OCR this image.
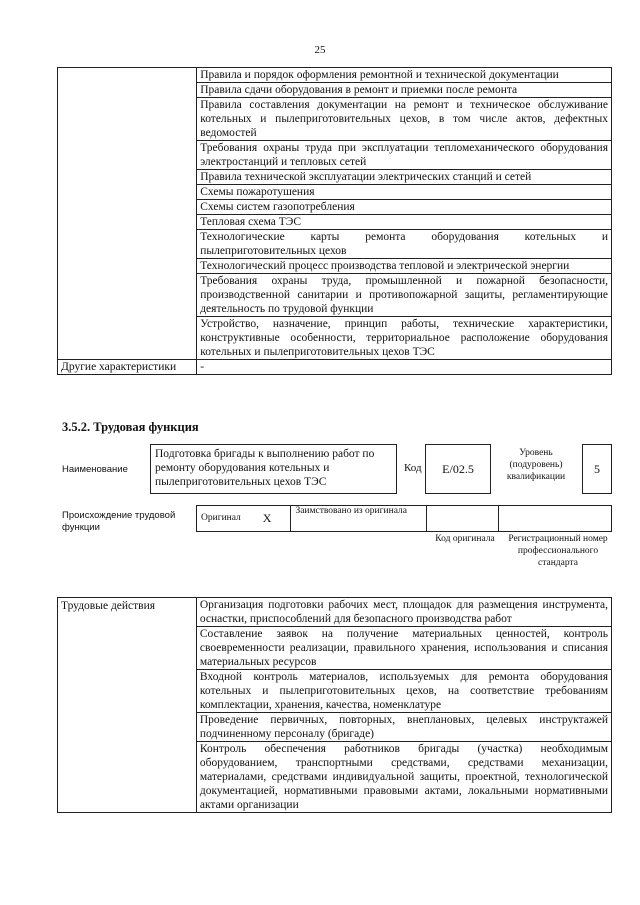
25
	Правила и порядок оформления ремонтной и технической документации
	Правила сдачи оборудования в ремонт и приемки после ремонта
	Правила составления документации на ремонт и техническое обслуживание котельных и пылеприготовительных цехов, в том числе актов, дефектных ведомостей
	Требования охраны труда при эксплуатации тепломеханического оборудования электростанций и тепловых сетей
	Правила технической эксплуатации электрических станций и сетей
	Схемы пожаротушения
	Схемы систем газопотребления
	Тепловая схема ТЭС
	Технологические карты ремонта оборудования котельных и пылеприготовительных цехов
	Технологический процесс производства тепловой и электрической энергии
	Требования охраны труда, промышленной и пожарной безопасности, производственной санитарии и противопожарной защиты, регламентирующие деятельность по трудовой функции
	Устройство, назначение, принцип работы, технические характеристики, конструктивные особенности, территориальное расположение оборудования котельных и пылеприготовительных цехов ТЭС
Другие характеристики	-
3.5.2. Трудовая функция
Наименование
Подготовка бригады к выполнению работ по ремонту оборудования котельных и пылеприготовительных цехов ТЭС
Код	E/02.5
Уровень (подуровень) квалификации
5
Происхождение трудовой функции
Оригинал	X	Заимствовано из оригинала		
Код оригинала	Регистрационный номер профессионального стандарта
Трудовые действия	Организация подготовки рабочих мест, площадок для размещения инструмента, оснастки, приспособлений для безопасного производства работ
Составление заявок на получение материальных ценностей, контроль своевременности реализации, правильного хранения, использования и списания материальных ресурсов
Входной контроль материалов, используемых для ремонта оборудования котельных и пылеприготовительных цехов, на соответствие требованиям комплектации, хранения, качества, номенклатуре
Проведение первичных, повторных, внеплановых, целевых инструктажей подчиненному персоналу (бригаде)
Контроль обеспечения работников бригады (участка) необходимым оборудованием, транспортными средствами, средствами механизации, материалами, средствами индивидуальной защиты, проектной, технологической документацией, нормативными правовыми актами, локальными нормативными актами организации
